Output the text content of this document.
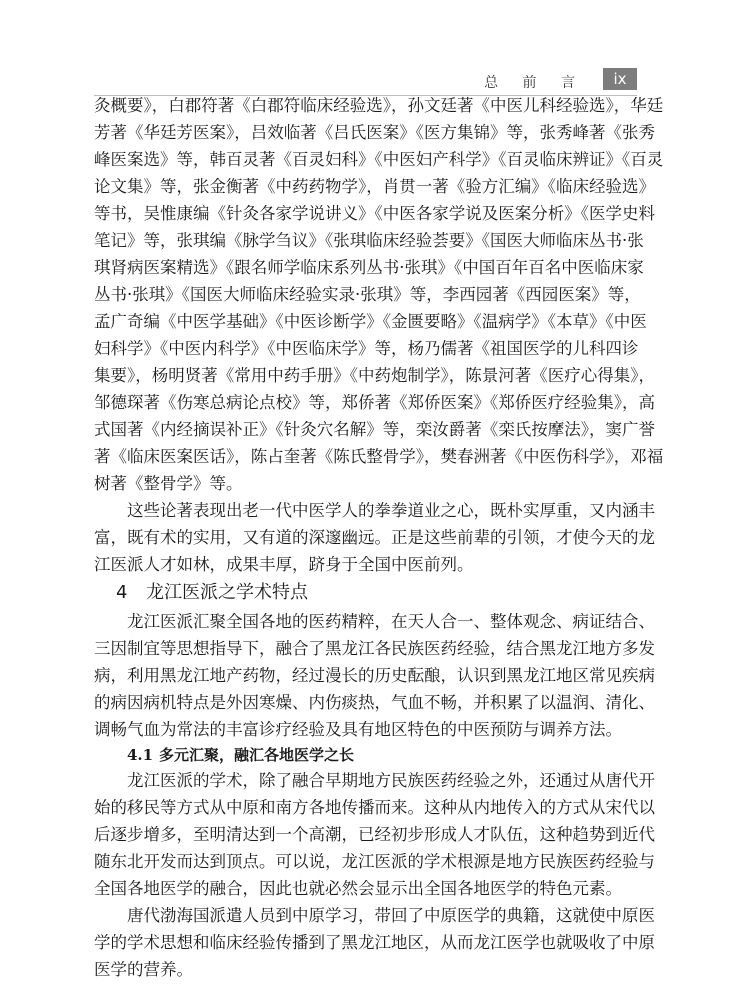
总 前 言	ix
灸概要》，白郡符著《白郡符临床经验选》，孙文廷著《中医儿科经验选》，华廷
芳著《华廷芳医案》，吕效临著《吕氏医案》《医方集锦》等，张秀峰著《张秀
峰医案选》等，韩百灵著《百灵妇科》《中医妇产科学》《百灵临床辨证》《百灵
论文集》等，张金衡著《中药药物学》，肖贯一著《验方汇编》《临床经验选》
等书，吴惟康编《针灸各家学说讲义》《中医各家学说及医案分析》《医学史料
笔记》等，张琪编《脉学刍议》《张琪临床经验荟要》《国医大师临床丛书·张
琪肾病医案精选》《跟名师学临床系列丛书·张琪》《中国百年百名中医临床家
丛书·张琪》《国医大师临床经验实录·张琪》等，李西园著《西园医案》等，
孟广奇编《中医学基础》《中医诊断学》《金匮要略》《温病学》《本草》《中医
妇科学》《中医内科学》《中医临床学》等，杨乃儒著《祖国医学的儿科四诊
集要》，杨明贤著《常用中药手册》《中药炮制学》，陈景河著《医疗心得集》，
邹德琛著《伤寒总病论点校》等，郑侨著《郑侨医案》《郑侨医疗经验集》，高
式国著《内经摘误补正》《针灸穴名解》等，栾汝爵著《栾氏按摩法》，窦广誉
著《临床医案医话》，陈占奎著《陈氏整骨学》，樊春洲著《中医伤科学》，邓福
树著《整骨学》等。
这些论著表现出老一代中医学人的拳拳道业之心，既朴实厚重，又内涵丰
富，既有术的实用，又有道的深邃幽远。正是这些前辈的引领，才使今天的龙
江医派人才如林，成果丰厚，跻身于全国中医前列。
4 龙江医派之学术特点
龙江医派汇聚全国各地的医药精粹，在天人合一、整体观念、病证结合、
三因制宜等思想指导下，融合了黑龙江各民族医药经验，结合黑龙江地方多发
病，利用黑龙江地产药物，经过漫长的历史酝酿，认识到黑龙江地区常见疾病
的病因病机特点是外因寒燥、内伤痰热，气血不畅，并积累了以温润、清化、
调畅气血为常法的丰富诊疗经验及具有地区特色的中医预防与调养方法。
4.1 多元汇聚，融汇各地医学之长
龙江医派的学术，除了融合早期地方民族医药经验之外，还通过从唐代开
始的移民等方式从中原和南方各地传播而来。这种从内地传入的方式从宋代以
后逐步增多，至明清达到一个高潮，已经初步形成人才队伍，这种趋势到近代
随东北开发而达到顶点。可以说，龙江医派的学术根源是地方民族医药经验与
全国各地医学的融合，因此也就必然会显示出全国各地医学的特色元素。
唐代渤海国派遣人员到中原学习，带回了中原医学的典籍，这就使中原医
学的学术思想和临床经验传播到了黑龙江地区，从而龙江医学也就吸收了中原
医学的营养。
